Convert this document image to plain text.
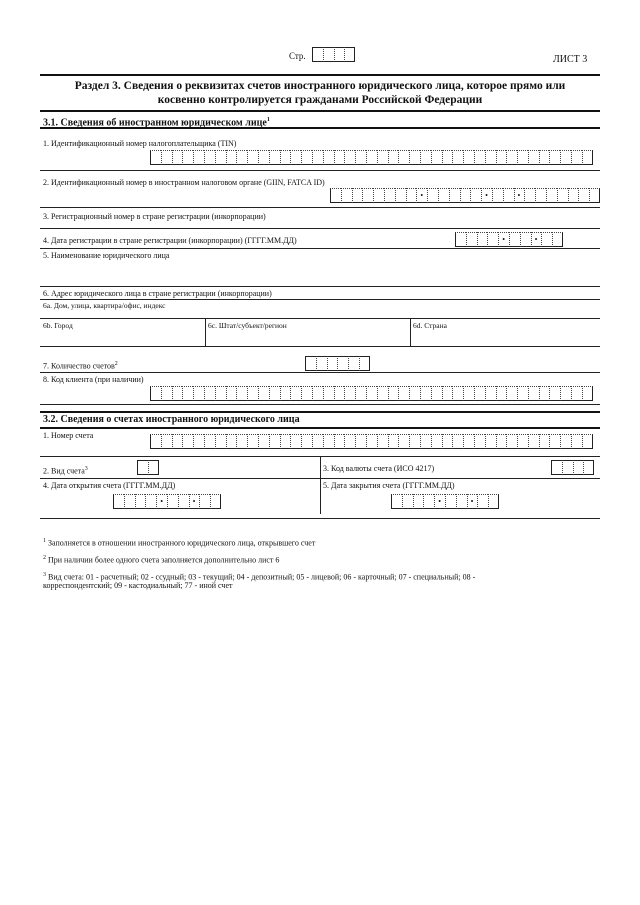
Стр.	ЛИСТ 3
Раздел 3. Сведения о реквизитах счетов иностранного юридического лица, которое прямо или
косвенно контролируется гражданами Российской Федерации
3.1. Сведения об иностранном юридическом лице$^1$
1. Идентификационный номер налогоплательщика (TIN)
2. Идентификационный номер в иностранном налоговом органе (GIIN, FATCA ID)
•
•
•
3. Регистрационный номер в стране регистрации (инкорпорации)
4. Дата регистрации в стране регистрации (инкорпорации) (ГГГГ.ММ.ДД)
•
•
5. Наименование юридического лица
6. Адрес юридического лица в стране регистрации (инкорпорации)
6a. Дом, улица, квартира/офис, индекс
6b. Город	6c. Штат/субъект/регион	6d. Страна
7. Количество счетов$^2$
8. Код клиента (при наличии)
3.2. Сведения о счетах иностранного юридического лица
1. Номер счета
2. Вид счета$^3$	3. Код валюты счета (ИСО 4217)
4. Дата открытия счета (ГГГГ.ММ.ДД)
•
•	5. Дата закрытия счета (ГГГГ.ММ.ДД)
•
•
$^1$ Заполняется в отношении иностранного юридического лица, открывшего счет
$^2$ При наличии более одного счета заполняется дополнительно лист 6
$^3$ Вид счета: 01 - расчетный; 02 - ссудный; 03 - текущий; 04 - депозитный; 05 - лицевой; 06 - карточный; 07 - специальный; 08 -
корреспондентский; 09 - кастодиальный; 77 - иной счет
